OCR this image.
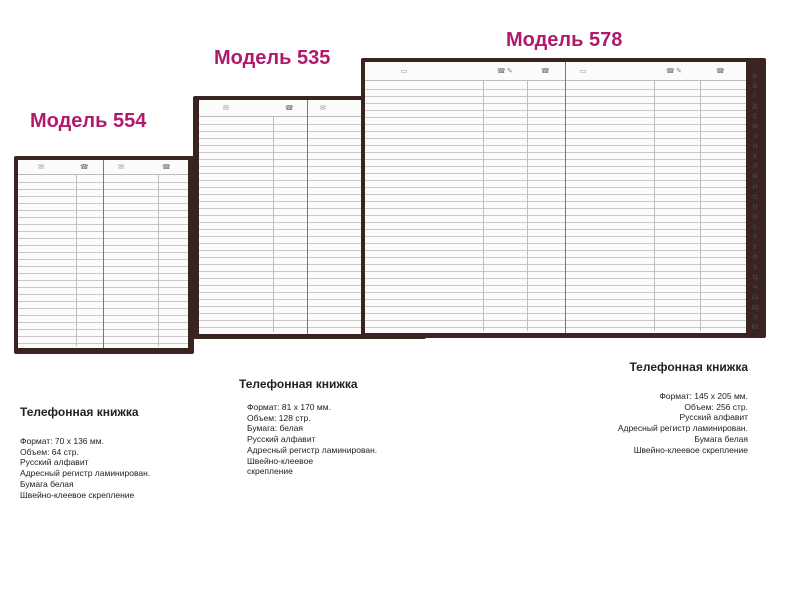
Модель 554
✉	☎	✉	☎
Телефонная книжка
Формат: 70 x 136 мм.
Объем: 64 стр.
Русский алфавит
Адресный регистр ламинирован.
Бумага белая
Швейно-клеевое скрепление
Модель 535
✉	☎	✉
Телефонная книжка
Формат: 81 x 170 мм.
Объем: 128 стр.
Бумага: белая
Русский алфавит
Адресный регистр ламинирован.
Швейно-клеевое
скрепление
Модель 578
▭	☎ ✎	☎	▭	☎ ✎	☎
Б
В
Г
Д
Е
Ж
З
И
К
Л
М
Н
О
П
Р
С
Т
У
Ф
Х
Ц
Ч
Ш
Щ
Э
Ю
Телефонная книжка
Формат: 145 x 205 мм.
Объем: 256 стр.
Русский алфавит
Адресный регистр ламинирован.
Бумага белая
Швейно-клеевое скрепление
